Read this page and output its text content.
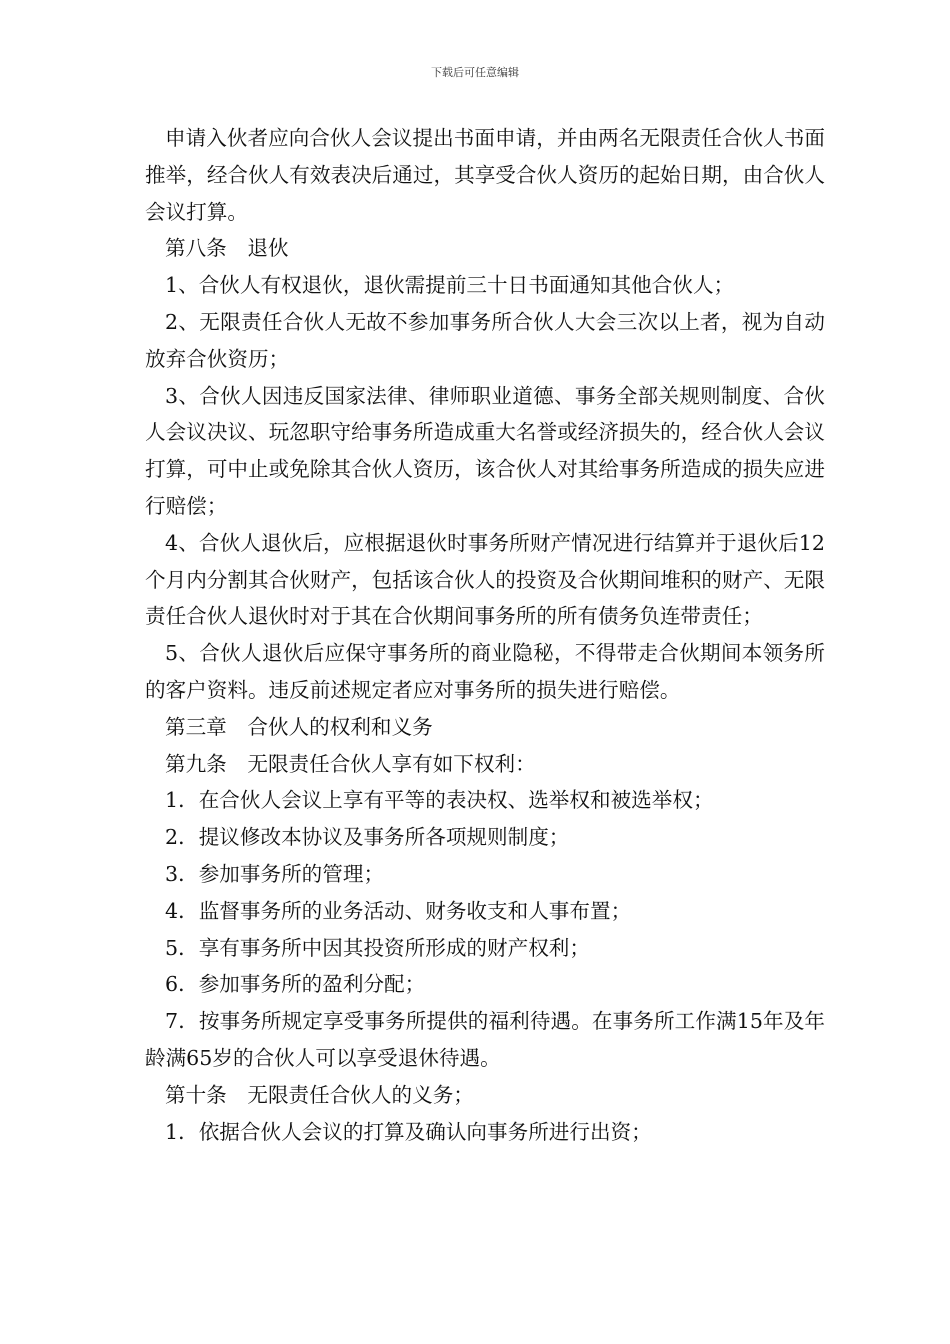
下载后可任意编辑

申请入伙者应向合伙人会议提出书面申请，并由两名无限责任合伙人书面推举，经合伙人有效表决后通过，其享受合伙人资历的起始日期，由合伙人会议打算。

第八条　退伙

1、合伙人有权退伙，退伙需提前三十日书面通知其他合伙人；

2、无限责任合伙人无故不参加事务所合伙人大会三次以上者，视为自动放弃合伙资历；

3、合伙人因违反国家法律、律师职业道德、事务全部关规则制度、合伙人会议决议、玩忽职守给事务所造成重大名誉或经济损失的，经合伙人会议打算，可中止或免除其合伙人资历，该合伙人对其给事务所造成的损失应进行赔偿；

4、合伙人退伙后，应根据退伙时事务所财产情况进行结算并于退伙后12个月内分割其合伙财产，包括该合伙人的投资及合伙期间堆积的财产、无限责任合伙人退伙时对于其在合伙期间事务所的所有债务负连带责任；

5、合伙人退伙后应保守事务所的商业隐秘，不得带走合伙期间本领务所的客户资料。违反前述规定者应对事务所的损失进行赔偿。

第三章　合伙人的权利和义务

第九条　无限责任合伙人享有如下权利：

1．在合伙人会议上享有平等的表决权、选举权和被选举权；

2．提议修改本协议及事务所各项规则制度；

3．参加事务所的管理；

4．监督事务所的业务活动、财务收支和人事布置；

5．享有事务所中因其投资所形成的财产权利；

6．参加事务所的盈利分配；

7．按事务所规定享受事务所提供的福利待遇。在事务所工作满15年及年龄满65岁的合伙人可以享受退休待遇。

第十条　无限责任合伙人的义务；

1．依据合伙人会议的打算及确认向事务所进行出资；
